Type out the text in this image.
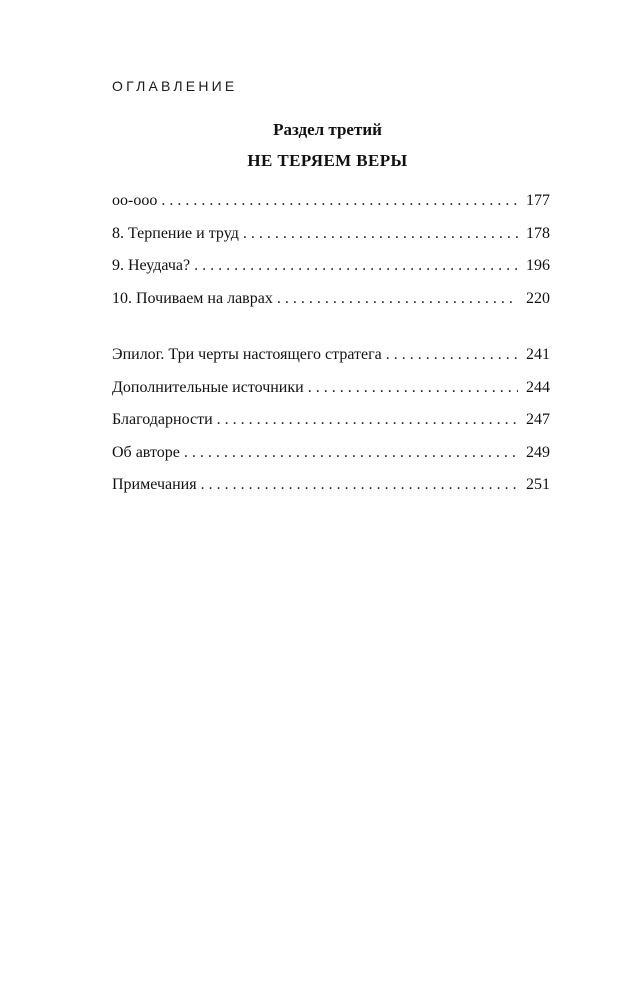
ОГЛАВЛЕНИЕ
Раздел третий
НЕ ТЕРЯЕМ ВЕРЫ
оо-ооо . . .	177
8. Терпение и труд . . .	178
9. Неудача? . . .	196
10. Почиваем на лаврах . . .	220
Эпилог. Три черты настоящего стратега . . .	241
Дополнительные источники . . .	244
Благодарности . . .	247
Об авторе . . .	249
Примечания . . .	251
